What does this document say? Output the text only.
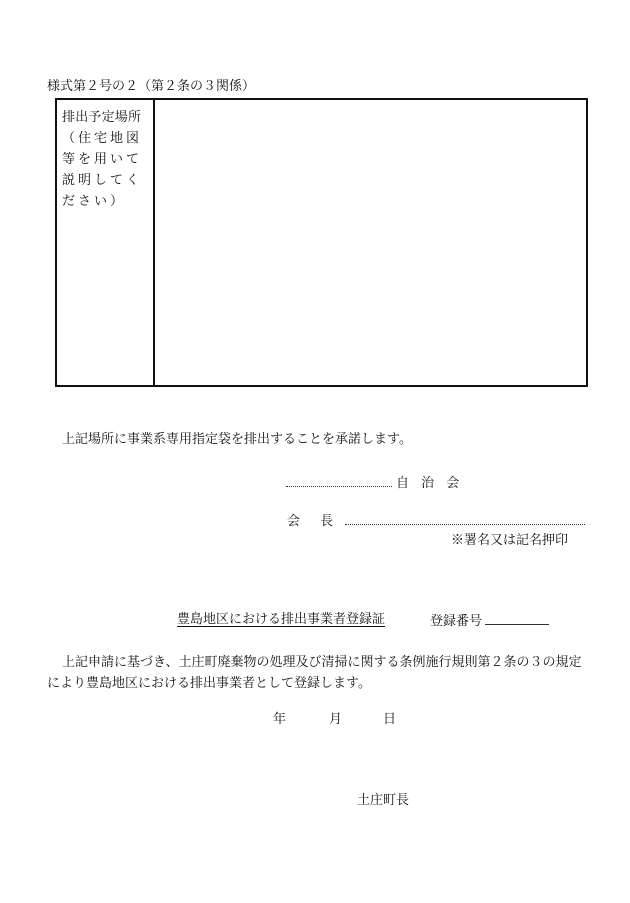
様式第２号の２（第２条の３関係）
排出予定場所
（住宅地図等を用いて説明してください）
上記場所に事業系専用指定袋を排出することを承諾します。
自 治 会
会 長
※署名又は記名押印
豊島地区における排出事業者登録証	登録番号
上記申請に基づき、土庄町廃棄物の処理及び清掃に関する条例施行規則第２条の３の規定
により豊島地区における排出事業者として登録します。
年	月	日
土庄町長
